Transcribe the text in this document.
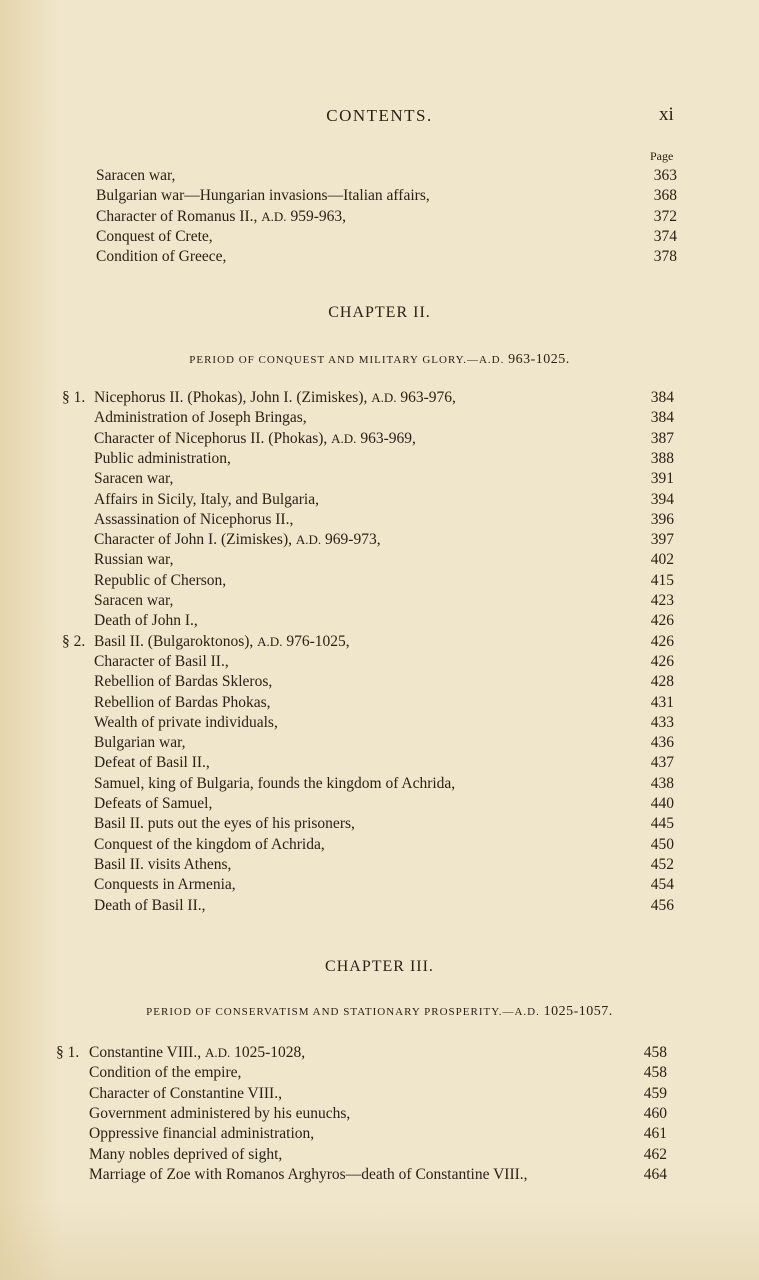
CONTENTS.	xi
Page
Saracen war,	363
Bulgarian war—Hungarian invasions—Italian affairs,	368
Character of Romanus II., A.D. 959-963,	372
Conquest of Crete,	374
Condition of Greece,	378
CHAPTER II.
PERIOD OF CONQUEST AND MILITARY GLORY.—A.D. 963-1025.
§ 1. Nicephorus II. (Phokas), John I. (Zimiskes), A.D. 963-976,	384
Administration of Joseph Bringas,	384
Character of Nicephorus II. (Phokas), A.D. 963-969,	387
Public administration,	388
Saracen war,	391
Affairs in Sicily, Italy, and Bulgaria,	394
Assassination of Nicephorus II.,	396
Character of John I. (Zimiskes), A.D. 969-973,	397
Russian war,	402
Republic of Cherson,	415
Saracen war,	423
Death of John I.,	426
§ 2. Basil II. (Bulgaroktonos), A.D. 976-1025,	426
Character of Basil II.,	426
Rebellion of Bardas Skleros,	428
Rebellion of Bardas Phokas,	431
Wealth of private individuals,	433
Bulgarian war,	436
Defeat of Basil II.,	437
Samuel, king of Bulgaria, founds the kingdom of Achrida,	438
Defeats of Samuel,	440
Basil II. puts out the eyes of his prisoners,	445
Conquest of the kingdom of Achrida,	450
Basil II. visits Athens,	452
Conquests in Armenia,	454
Death of Basil II.,	456
CHAPTER III.
PERIOD OF CONSERVATISM AND STATIONARY PROSPERITY.—A.D. 1025-1057.
§ 1. Constantine VIII., A.D. 1025-1028,	458
Condition of the empire,	458
Character of Constantine VIII.,	459
Government administered by his eunuchs,	460
Oppressive financial administration,	461
Many nobles deprived of sight,	462
Marriage of Zoe with Romanos Arghyros—death of Constantine VIII.,	464
